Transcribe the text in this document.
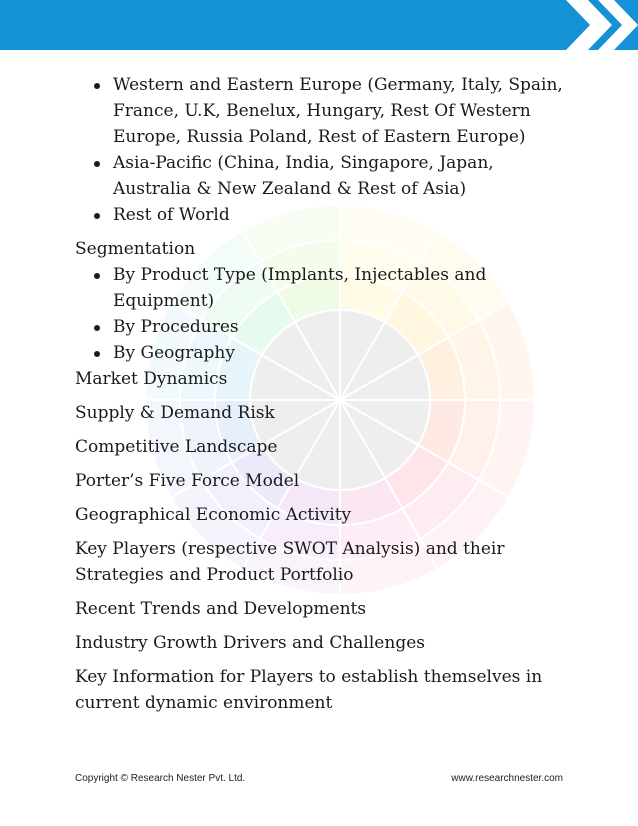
Western and Eastern Europe (Germany, Italy, Spain, France, U.K, Benelux, Hungary, Rest Of Western Europe, Russia Poland, Rest of Eastern Europe)
Asia-Pacific (China, India, Singapore, Japan, Australia & New Zealand & Rest of Asia)
Rest of World

Segmentation

By Product Type (Implants, Injectables and Equipment)
By Procedures
By Geography

Market Dynamics

Supply & Demand Risk

Competitive Landscape

Porter’s Five Force Model

Geographical Economic Activity

Key Players (respective SWOT Analysis) and their Strategies and Product Portfolio

Recent Trends and Developments

Industry Growth Drivers and Challenges

Key Information for Players to establish themselves in current dynamic environment

Copyright © Research Nester Pvt. Ltd.	www.researchnester.com
